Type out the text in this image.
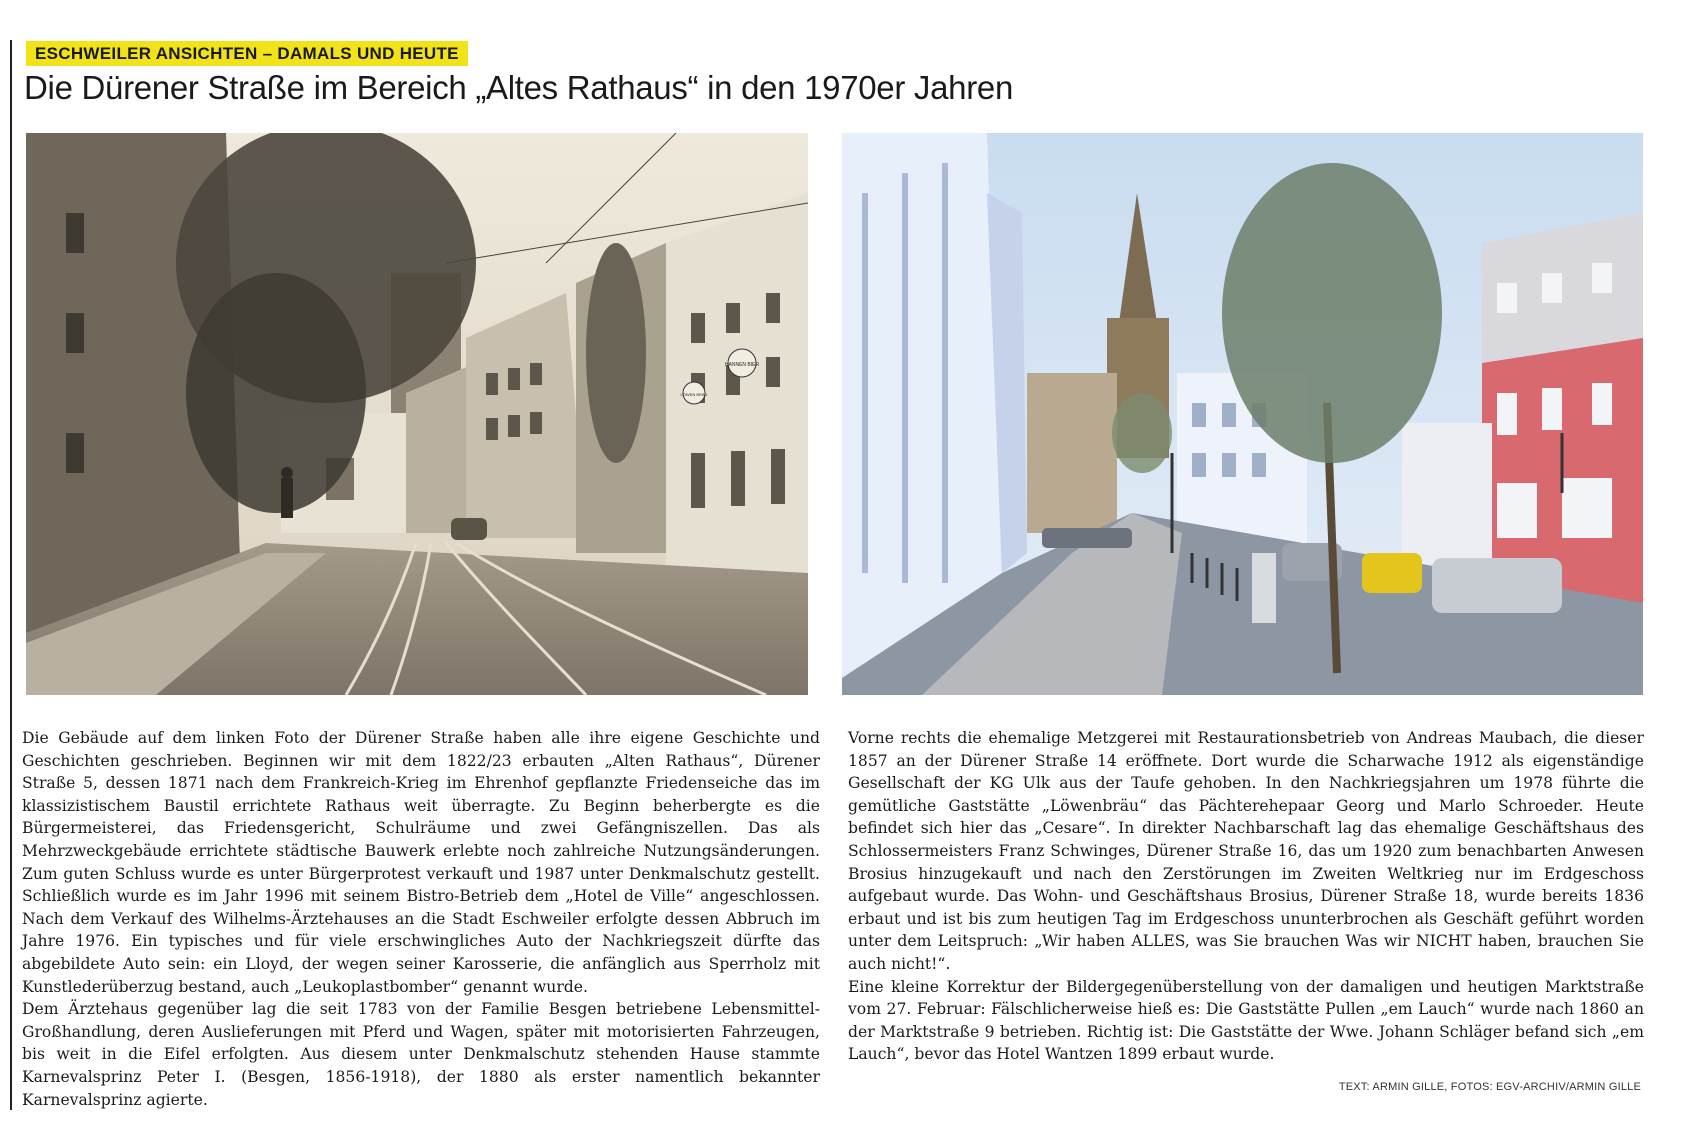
ESCHWEILER ANSICHTEN – DAMALS UND HEUTE
Die Dürener Straße im Bereich „Altes Rathaus“ in den 1970er Jahren
HANNEN BIER
LÖWEN BRÄU

Die Gebäude auf dem linken Foto der Dürener Straße haben alle ihre eigene Geschichte und Geschichten geschrieben. Beginnen wir mit dem 1822/23 erbauten „Alten Rathaus“, Dürener Straße 5, dessen 1871 nach dem Frankreich-Krieg im Ehrenhof gepflanzte Friedenseiche das im klassizistischem Baustil errichtete Rathaus weit überragte. Zu Beginn beherbergte es die Bürgermeisterei, das Friedensgericht, Schulräume und zwei Gefängniszellen. Das als Mehrzweckgebäude errichtete städtische Bauwerk erlebte noch zahlreiche Nutzungsänderungen. Zum guten Schluss wurde es unter Bürgerprotest verkauft und 1987 unter Denkmalschutz gestellt. Schließlich wurde es im Jahr 1996 mit seinem Bistro-Betrieb dem „Hotel de Ville“ angeschlossen. Nach dem Verkauf des Wilhelms-Ärztehauses an die Stadt Eschweiler erfolgte dessen Abbruch im Jahre 1976. Ein typisches und für viele erschwingliches Auto der Nachkriegszeit dürfte das abgebildete Auto sein: ein Lloyd, der wegen seiner Karosserie, die anfänglich aus Sperrholz mit Kunstlederüberzug bestand, auch „Leukoplastbomber“ genannt wurde.

Dem Ärztehaus gegenüber lag die seit 1783 von der Familie Besgen betriebene Lebensmittel-Großhandlung, deren Auslieferungen mit Pferd und Wagen, später mit motorisierten Fahrzeugen, bis weit in die Eifel erfolgten. Aus diesem unter Denkmalschutz stehenden Hause stammte Karnevalsprinz Peter I. (Besgen, 1856-1918), der 1880 als erster namentlich bekannter Karnevalsprinz agierte.

Vorne rechts die ehemalige Metzgerei mit Restaurationsbetrieb von Andreas Maubach, die dieser 1857 an der Dürener Straße 14 eröffnete. Dort wurde die Scharwache 1912 als eigenständige Gesellschaft der KG Ulk aus der Taufe gehoben. In den Nachkriegsjahren um 1978 führte die gemütliche Gaststätte „Löwenbräu“ das Pächterehepaar Georg und Marlo Schroeder. Heute befindet sich hier das „Cesare“. In direkter Nachbarschaft lag das ehemalige Geschäftshaus des Schlossermeisters Franz Schwinges, Dürener Straße 16, das um 1920 zum benachbarten Anwesen Brosius hinzugekauft und nach den Zerstörungen im Zweiten Weltkrieg nur im Erdgeschoss aufgebaut wurde. Das Wohn- und Geschäftshaus Brosius, Dürener Straße 18, wurde bereits 1836 erbaut und ist bis zum heutigen Tag im Erdgeschoss ununterbrochen als Geschäft geführt worden unter dem Leitspruch: „Wir haben ALLES, was Sie brauchen Was wir NICHT haben, brauchen Sie auch nicht!“.

Eine kleine Korrektur der Bildergegenüberstellung von der damaligen und heutigen Marktstraße vom 27. Februar: Fälschlicherweise hieß es: Die Gaststätte Pullen „em Lauch“ wurde nach 1860 an der Marktstraße 9 betrieben. Richtig ist: Die Gaststätte der Wwe. Johann Schläger befand sich „em Lauch“, bevor das Hotel Wantzen 1899 erbaut wurde.

TEXT: ARMIN GILLE, FOTOS: EGV-ARCHIV/ARMIN GILLE
